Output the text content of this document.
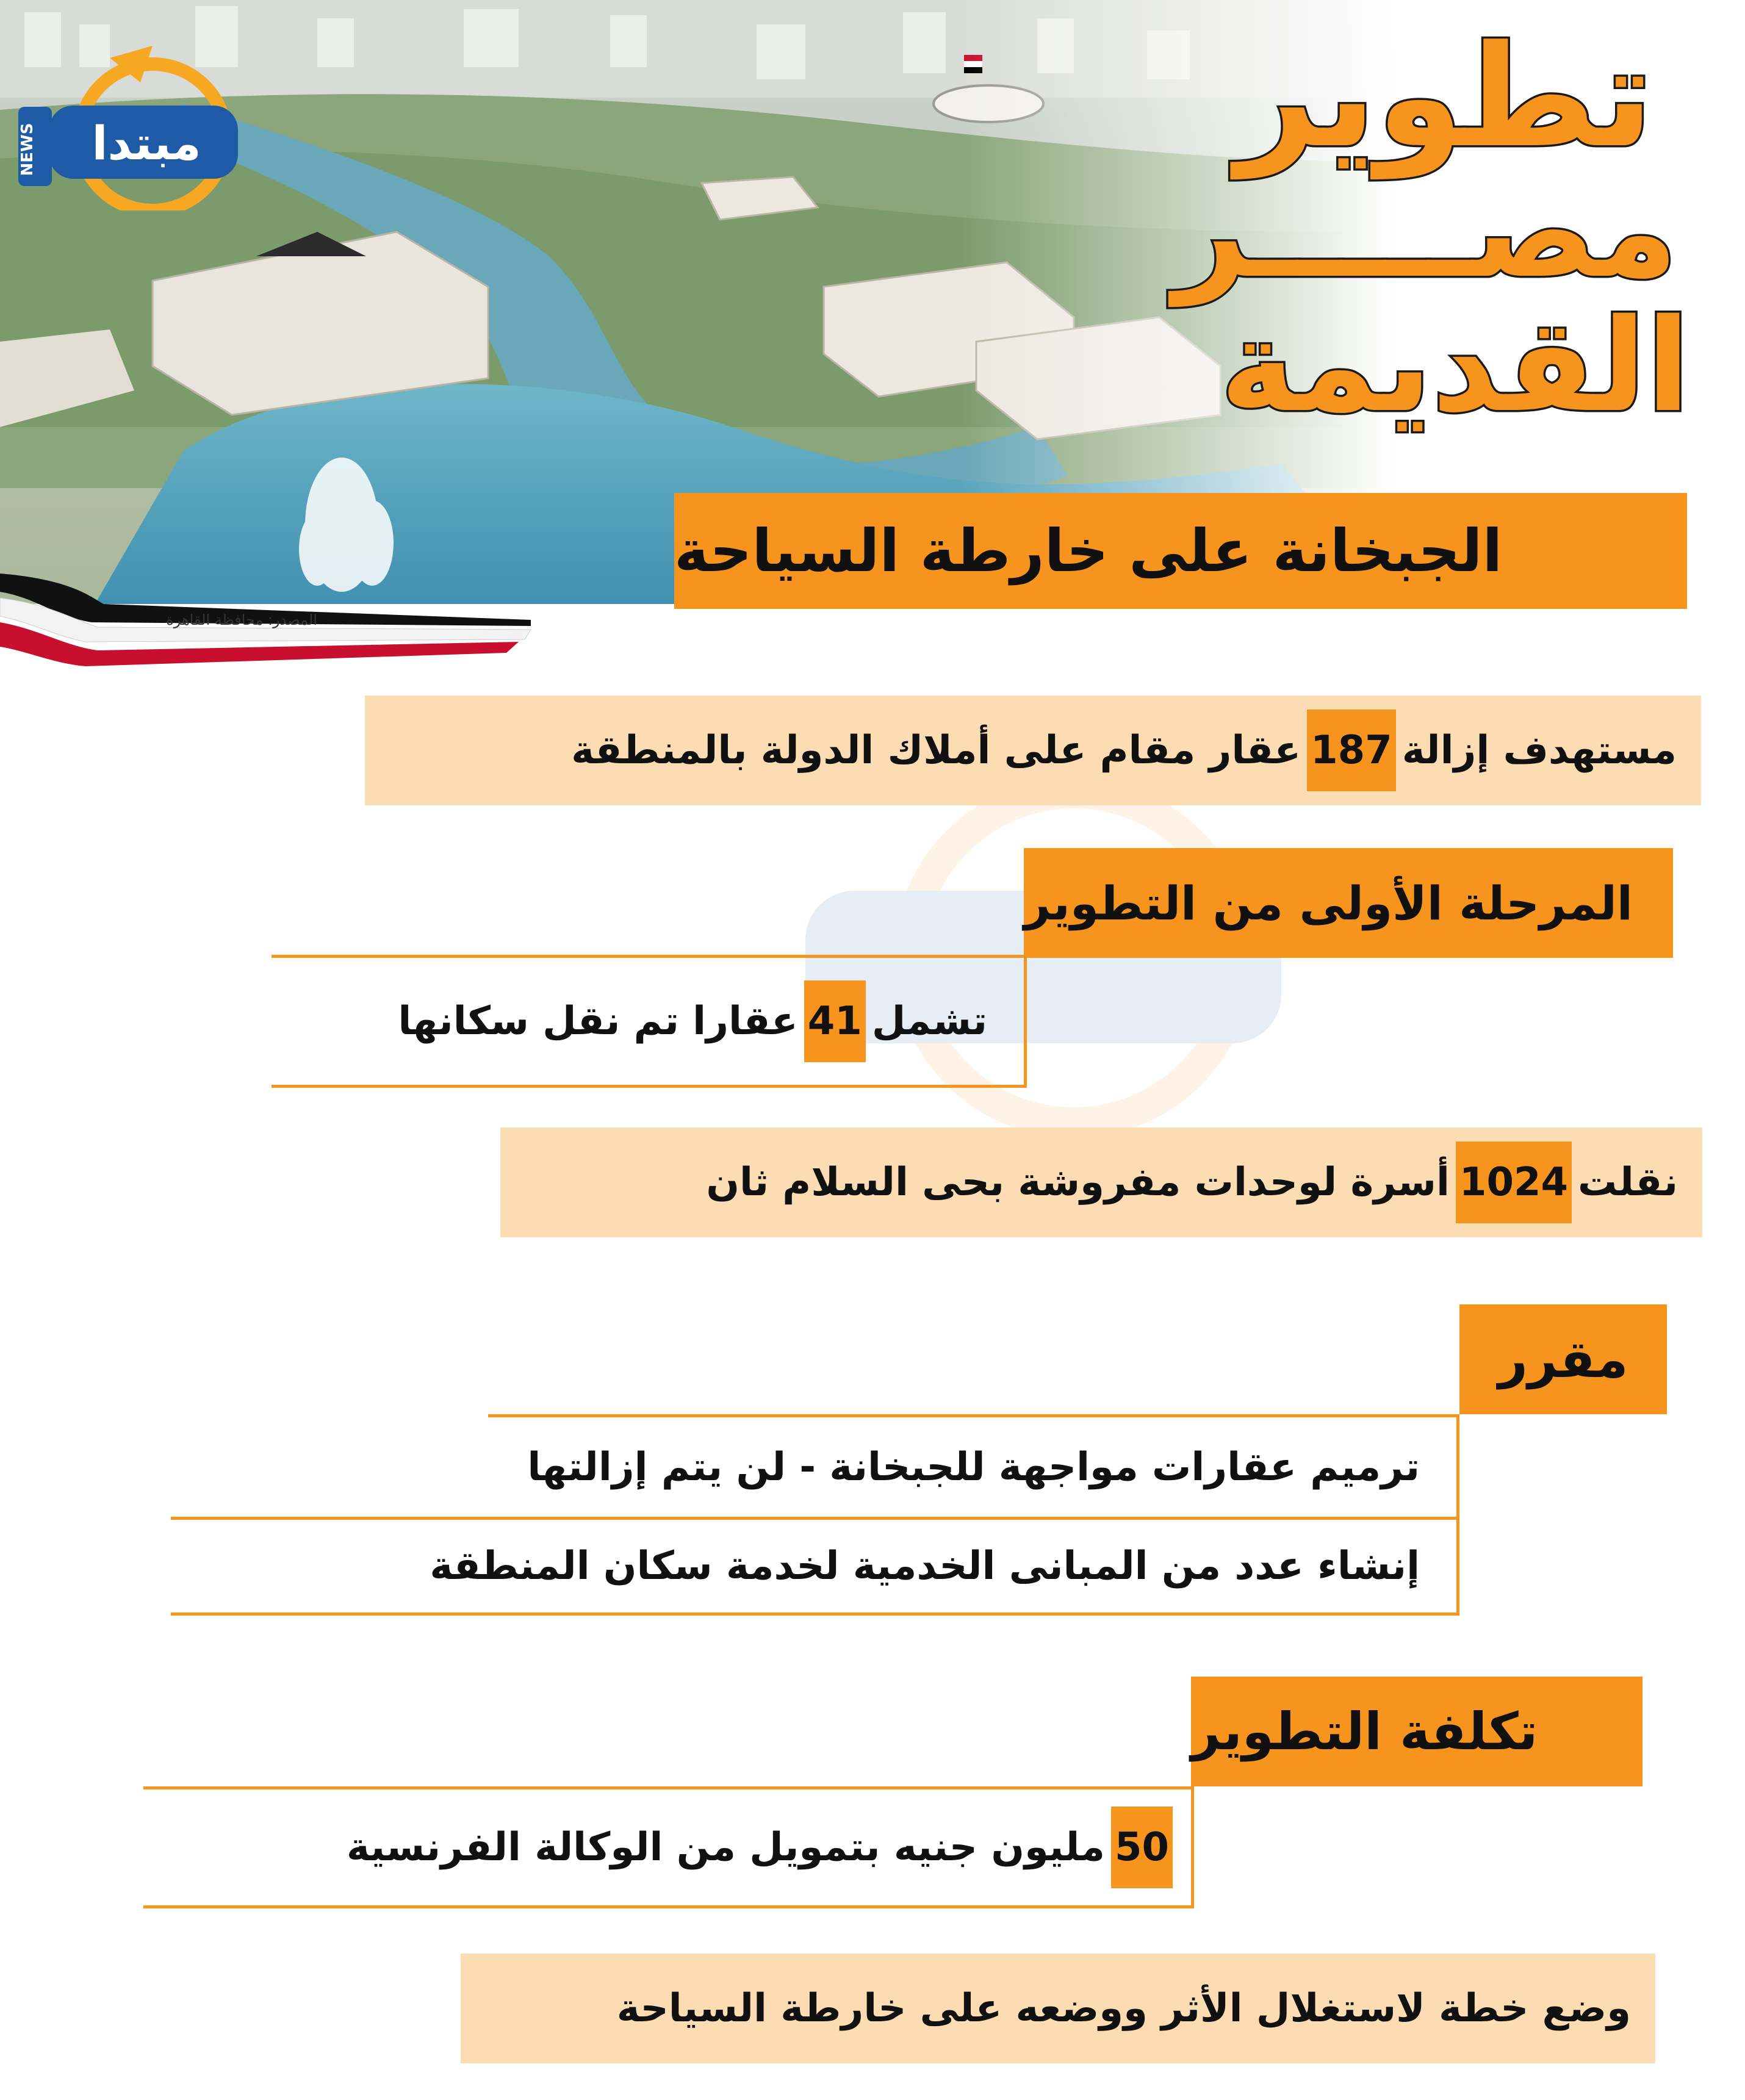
المصدر: محافظة القاهرة
مبتدا
NEWS	تطوير
مصـــــر
القديمة
الجبخانة على خارطة السياحة
مستهدف إزالة
187
عقار مقام على أملاك الدولة بالمنطقة
المرحلة الأولى من التطوير
تشمل
41
عقارا تم نقل سكانها
نقلت
1024
أسرة لوحدات مفروشة بحى السلام ثان
مقرر
ترميم عقارات مواجهة للجبخانة - لن يتم إزالتها
إنشاء عدد من المبانى الخدمية لخدمة سكان المنطقة
تكلفة التطوير
50
مليون جنيه بتمويل من الوكالة الفرنسية
وضع خطة لاستغلال الأثر ووضعه على خارطة السياحة
